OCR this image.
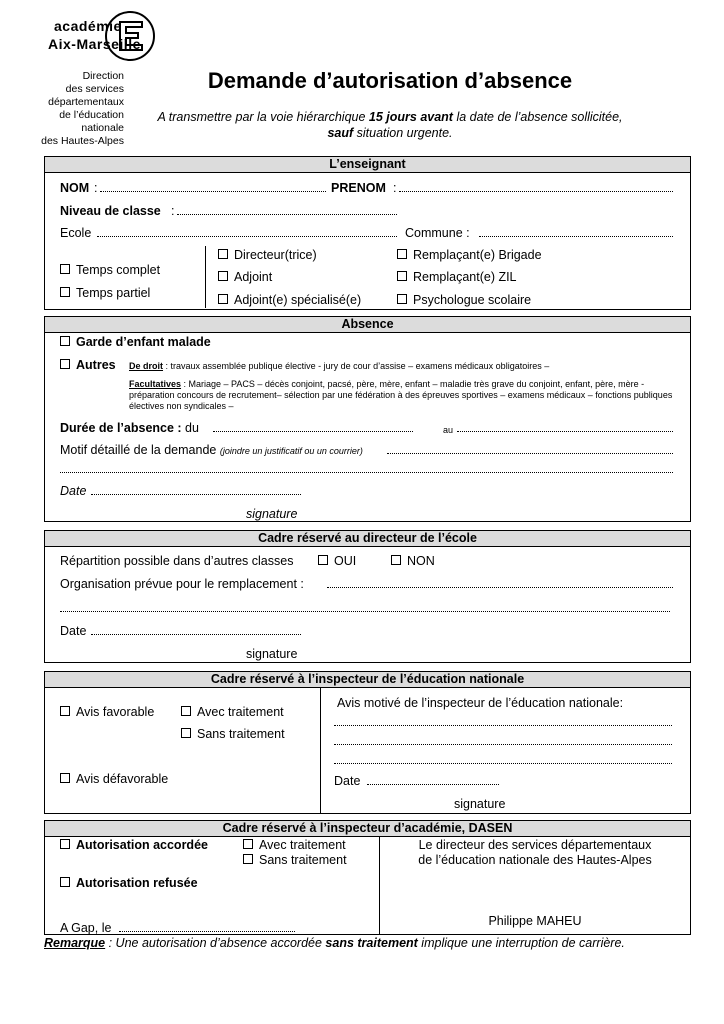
académie
Aix-Marseille
Direction
des services
départementaux
de l’éducation nationale
des Hautes-Alpes
Demande d’autorisation d’absence
A transmettre par la voie hiérarchique 15 jours avant la date de l’absence sollicitée,
sauf situation urgente.
L’enseignant
NOM :	PRENOM :
Niveau de classe :
Ecole	Commune :
Temps complet
Temps partiel
Directeur(trice)
Adjoint
Adjoint(e) spécialisé(e)
Remplaçant(e) Brigade
Remplaçant(e) ZIL
Psychologue scolaire
Absence
Garde d’enfant malade
Autres De droit : travaux assemblée publique élective - jury de cour d’assise – examens médicaux obligatoires –
Facultatives : Mariage – PACS – décès conjoint, pacsé, père, mère, enfant – maladie très grave du conjoint, enfant, père, mère - préparation concours de recrutement– sélection par une fédération à des épreuves sportives – examens médicaux – fonctions publiques électives non syndicales –
Durée de l’absence : du	au
Motif détaillé de la demande (joindre un justificatif ou un courrier)
Date
signature
Cadre réservé au directeur de l’école
Répartition possible dans d’autres classes	OUI	NON
Organisation prévue pour le remplacement :
Date
signature
Cadre réservé à l’inspecteur de l’éducation nationale
Avis favorable	Avec traitement
Sans traitement
Avis défavorable
Avis motivé de l’inspecteur de l’éducation nationale:
Date
signature
Cadre réservé à l’inspecteur d’académie, DASEN
Autorisation accordée	Avec traitement
Sans traitement
Autorisation refusée
A Gap, le
Le directeur des services départementaux
de l’éducation nationale des Hautes-Alpes
Philippe MAHEU
Remarque : Une autorisation d’absence accordée sans traitement implique une interruption de carrière.
